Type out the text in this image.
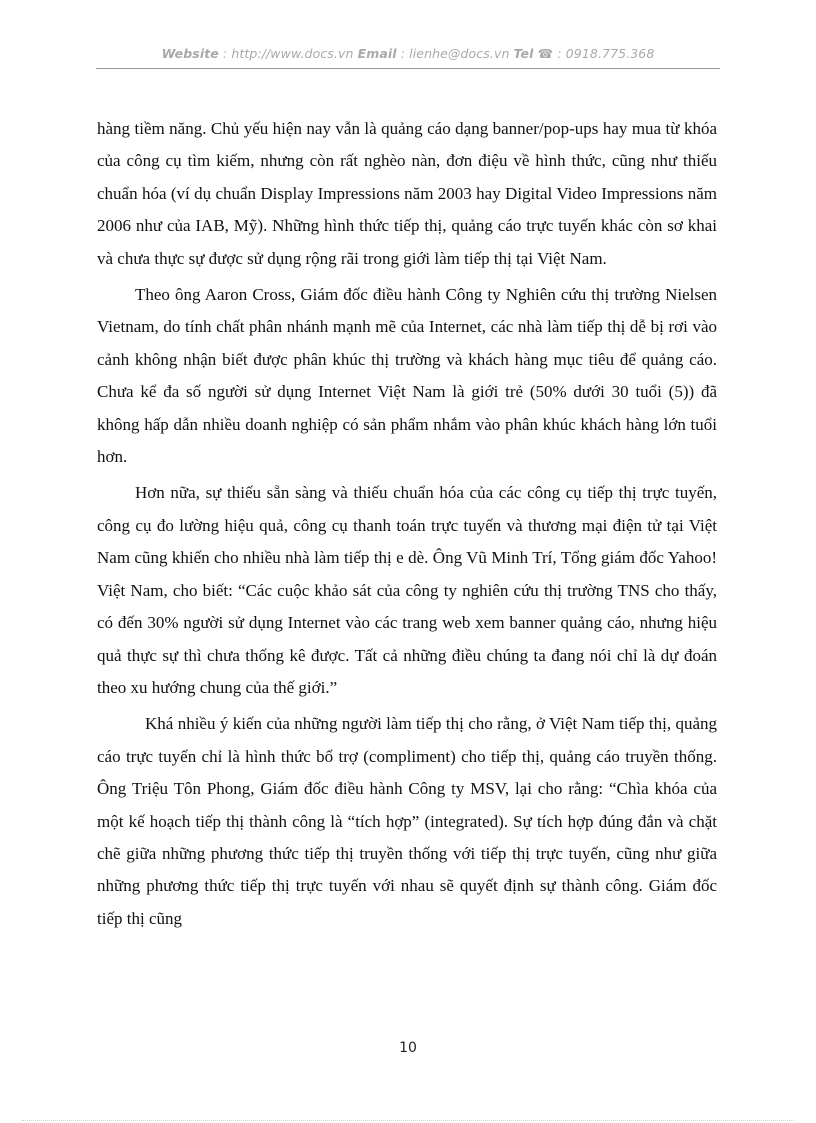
Website : http://www.docs.vn Email : lienhe@docs.vn Tel ☎ : 0918.775.368

hàng tiềm năng. Chủ yếu hiện nay vẫn là quảng cáo dạng banner/pop-ups hay mua từ khóa của công cụ tìm kiếm, nhưng còn rất nghèo nàn, đơn điệu về hình thức, cũng như thiếu chuẩn hóa (ví dụ chuẩn Display Impressions năm 2003 hay Digital Video Impressions năm 2006 như của IAB, Mỹ). Những hình thức tiếp thị, quảng cáo trực tuyến khác còn sơ khai và chưa thực sự được sử dụng rộng rãi trong giới làm tiếp thị tại Việt Nam.

Theo ông Aaron Cross, Giám đốc điều hành Công ty Nghiên cứu thị trường Nielsen Vietnam, do tính chất phân nhánh mạnh mẽ của Internet, các nhà làm tiếp thị dễ bị rơi vào cảnh không nhận biết được phân khúc thị trường và khách hàng mục tiêu để quảng cáo. Chưa kể đa số người sử dụng Internet Việt Nam là giới trẻ (50% dưới 30 tuổi (5)) đã không hấp dẫn nhiều doanh nghiệp có sản phẩm nhắm vào phân khúc khách hàng lớn tuổi hơn.

Hơn nữa, sự thiếu sẵn sàng và thiếu chuẩn hóa của các công cụ tiếp thị trực tuyến, công cụ đo lường hiệu quả, công cụ thanh toán trực tuyến và thương mại điện tử tại Việt Nam cũng khiến cho nhiều nhà làm tiếp thị e dè. Ông Vũ Minh Trí, Tổng giám đốc Yahoo! Việt Nam, cho biết: “Các cuộc khảo sát của công ty nghiên cứu thị trường TNS cho thấy, có đến 30% người sử dụng Internet vào các trang web xem banner quảng cáo, nhưng hiệu quả thực sự thì chưa thống kê được. Tất cả những điều chúng ta đang nói chỉ là dự đoán theo xu hướng chung của thế giới.”

Khá nhiều ý kiến của những người làm tiếp thị cho rằng, ở Việt Nam tiếp thị, quảng cáo trực tuyến chỉ là hình thức bổ trợ (compliment) cho tiếp thị, quảng cáo truyền thống. Ông Triệu Tôn Phong, Giám đốc điều hành Công ty MSV, lại cho rằng: “Chìa khóa của một kế hoạch tiếp thị thành công là “tích hợp” (integrated). Sự tích hợp đúng đắn và chặt chẽ giữa những phương thức tiếp thị truyền thống với tiếp thị trực tuyến, cũng như giữa những phương thức tiếp thị trực tuyến với nhau sẽ quyết định sự thành công. Giám đốc tiếp thị cũng

10
